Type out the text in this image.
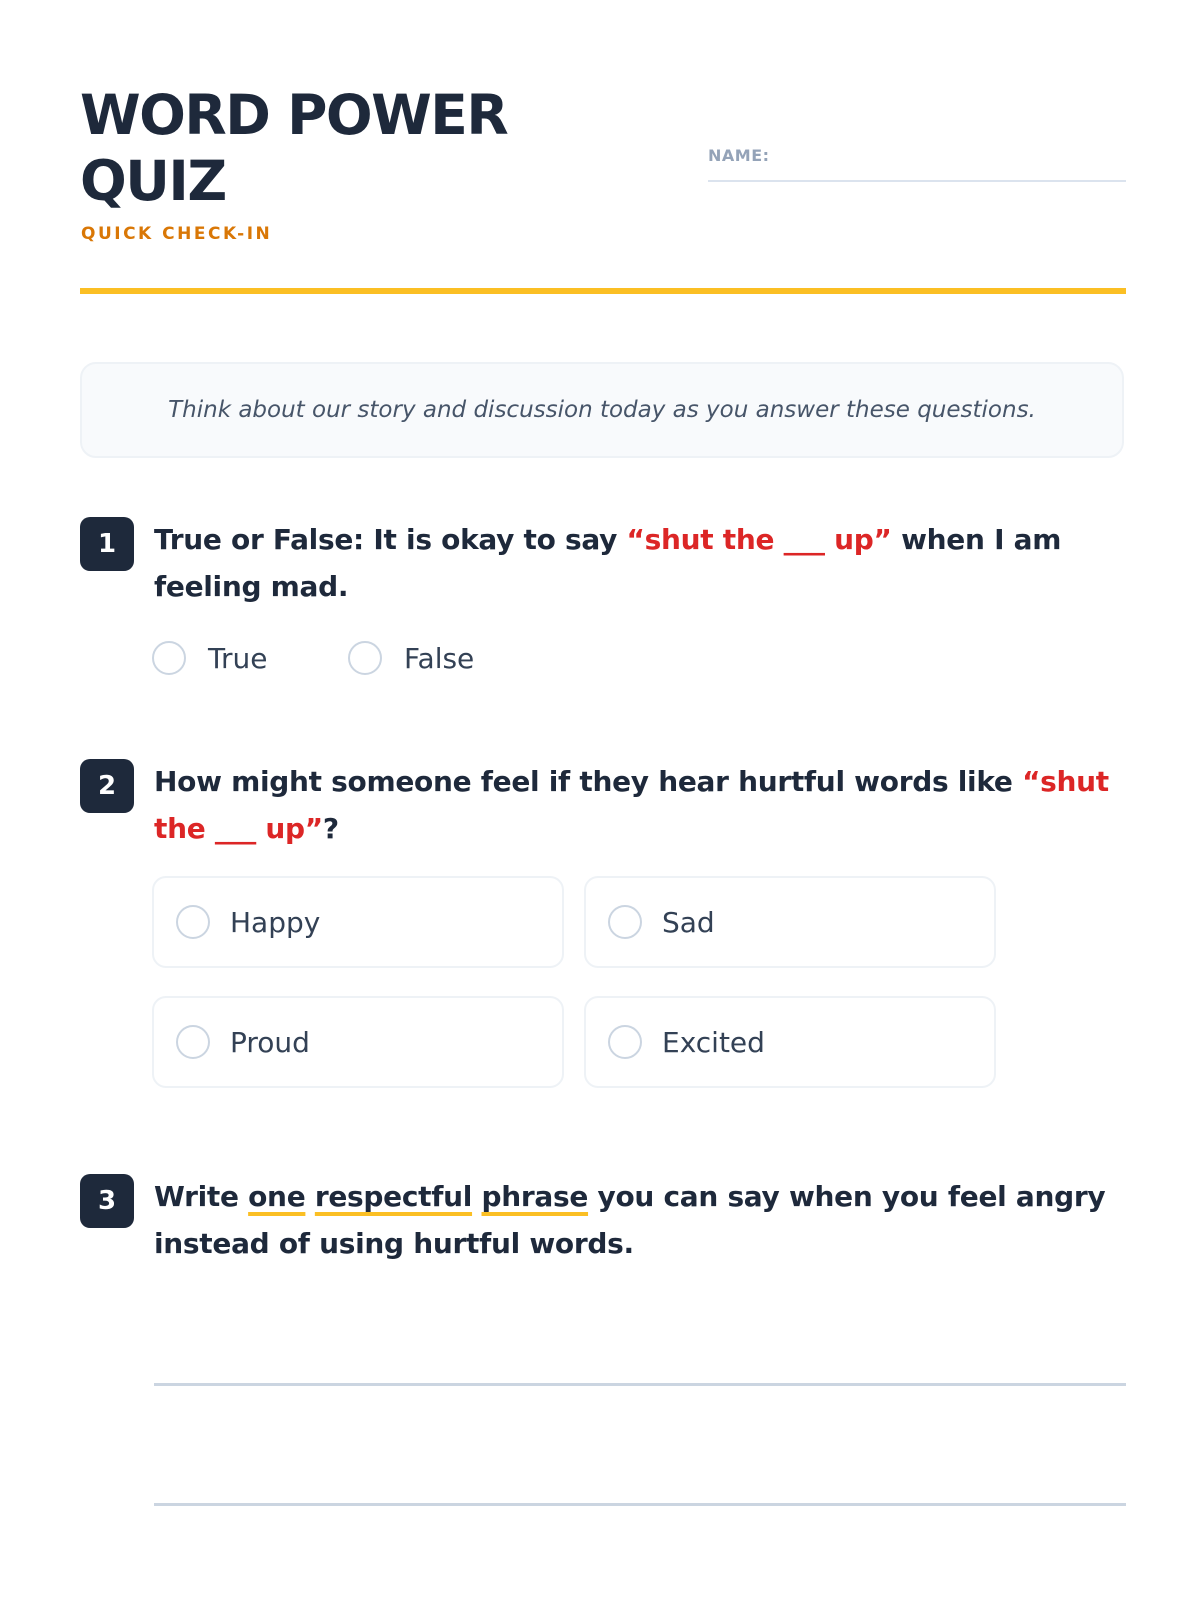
WORD POWER QUIZ
QUICK CHECK-IN
NAME:
Think about our story and discussion today as you answer these questions.
1	True or False: It is okay to say “shut the ___ up” when I am feeling mad.

True	False
2	How might someone feel if they hear hurtful words like “shut the ___ up”?

Happy	Sad
Proud	Excited
3	Write one respectful phrase you can say when you feel angry instead of using hurtful words.
